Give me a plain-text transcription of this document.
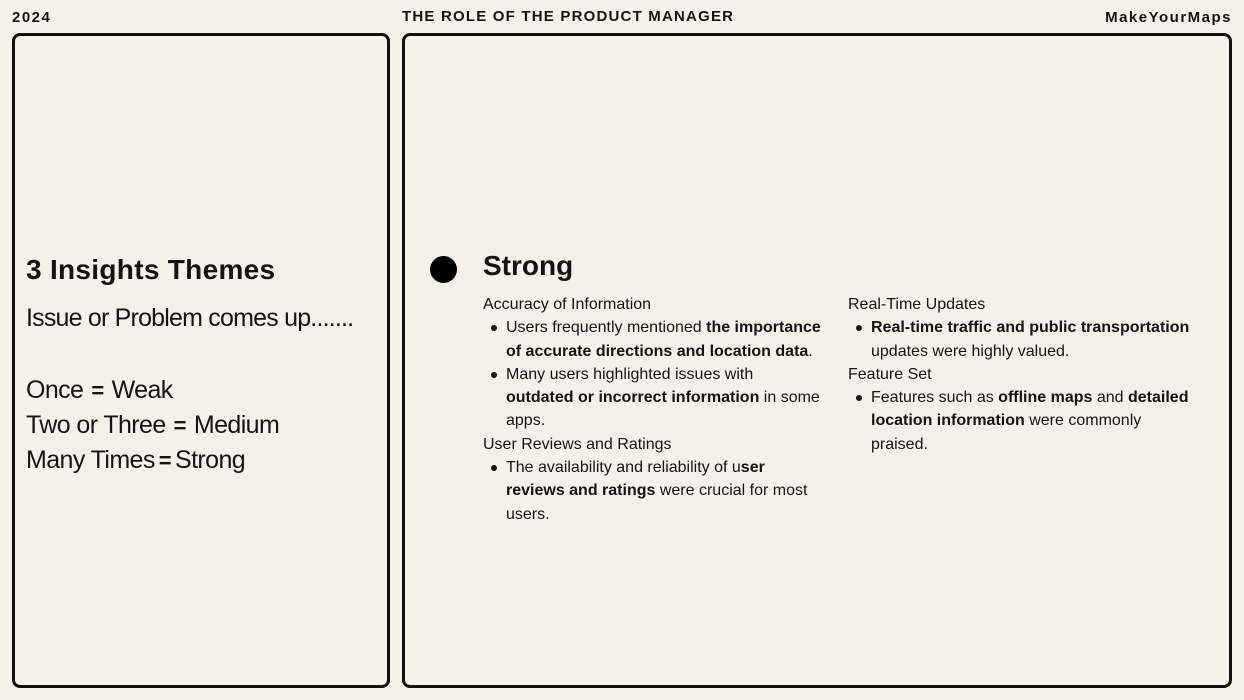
2024	THE ROLE OF THE PRODUCT MANAGER	MakeYourMaps
3 Insights Themes
Issue or Problem comes up.......
Once = Weak
Two or Three = Medium
Many Times = Strong
Strong
Accuracy of Information
Users frequently mentioned the importance of accurate directions and location data.
Many users highlighted issues with outdated or incorrect information in some apps.
User Reviews and Ratings
The availability and reliability of user reviews and ratings were crucial for most users.
Real-Time Updates
Real-time traffic and public transportation updates were highly valued.
Feature Set
Features such as offline maps and detailed location information were commonly praised.
